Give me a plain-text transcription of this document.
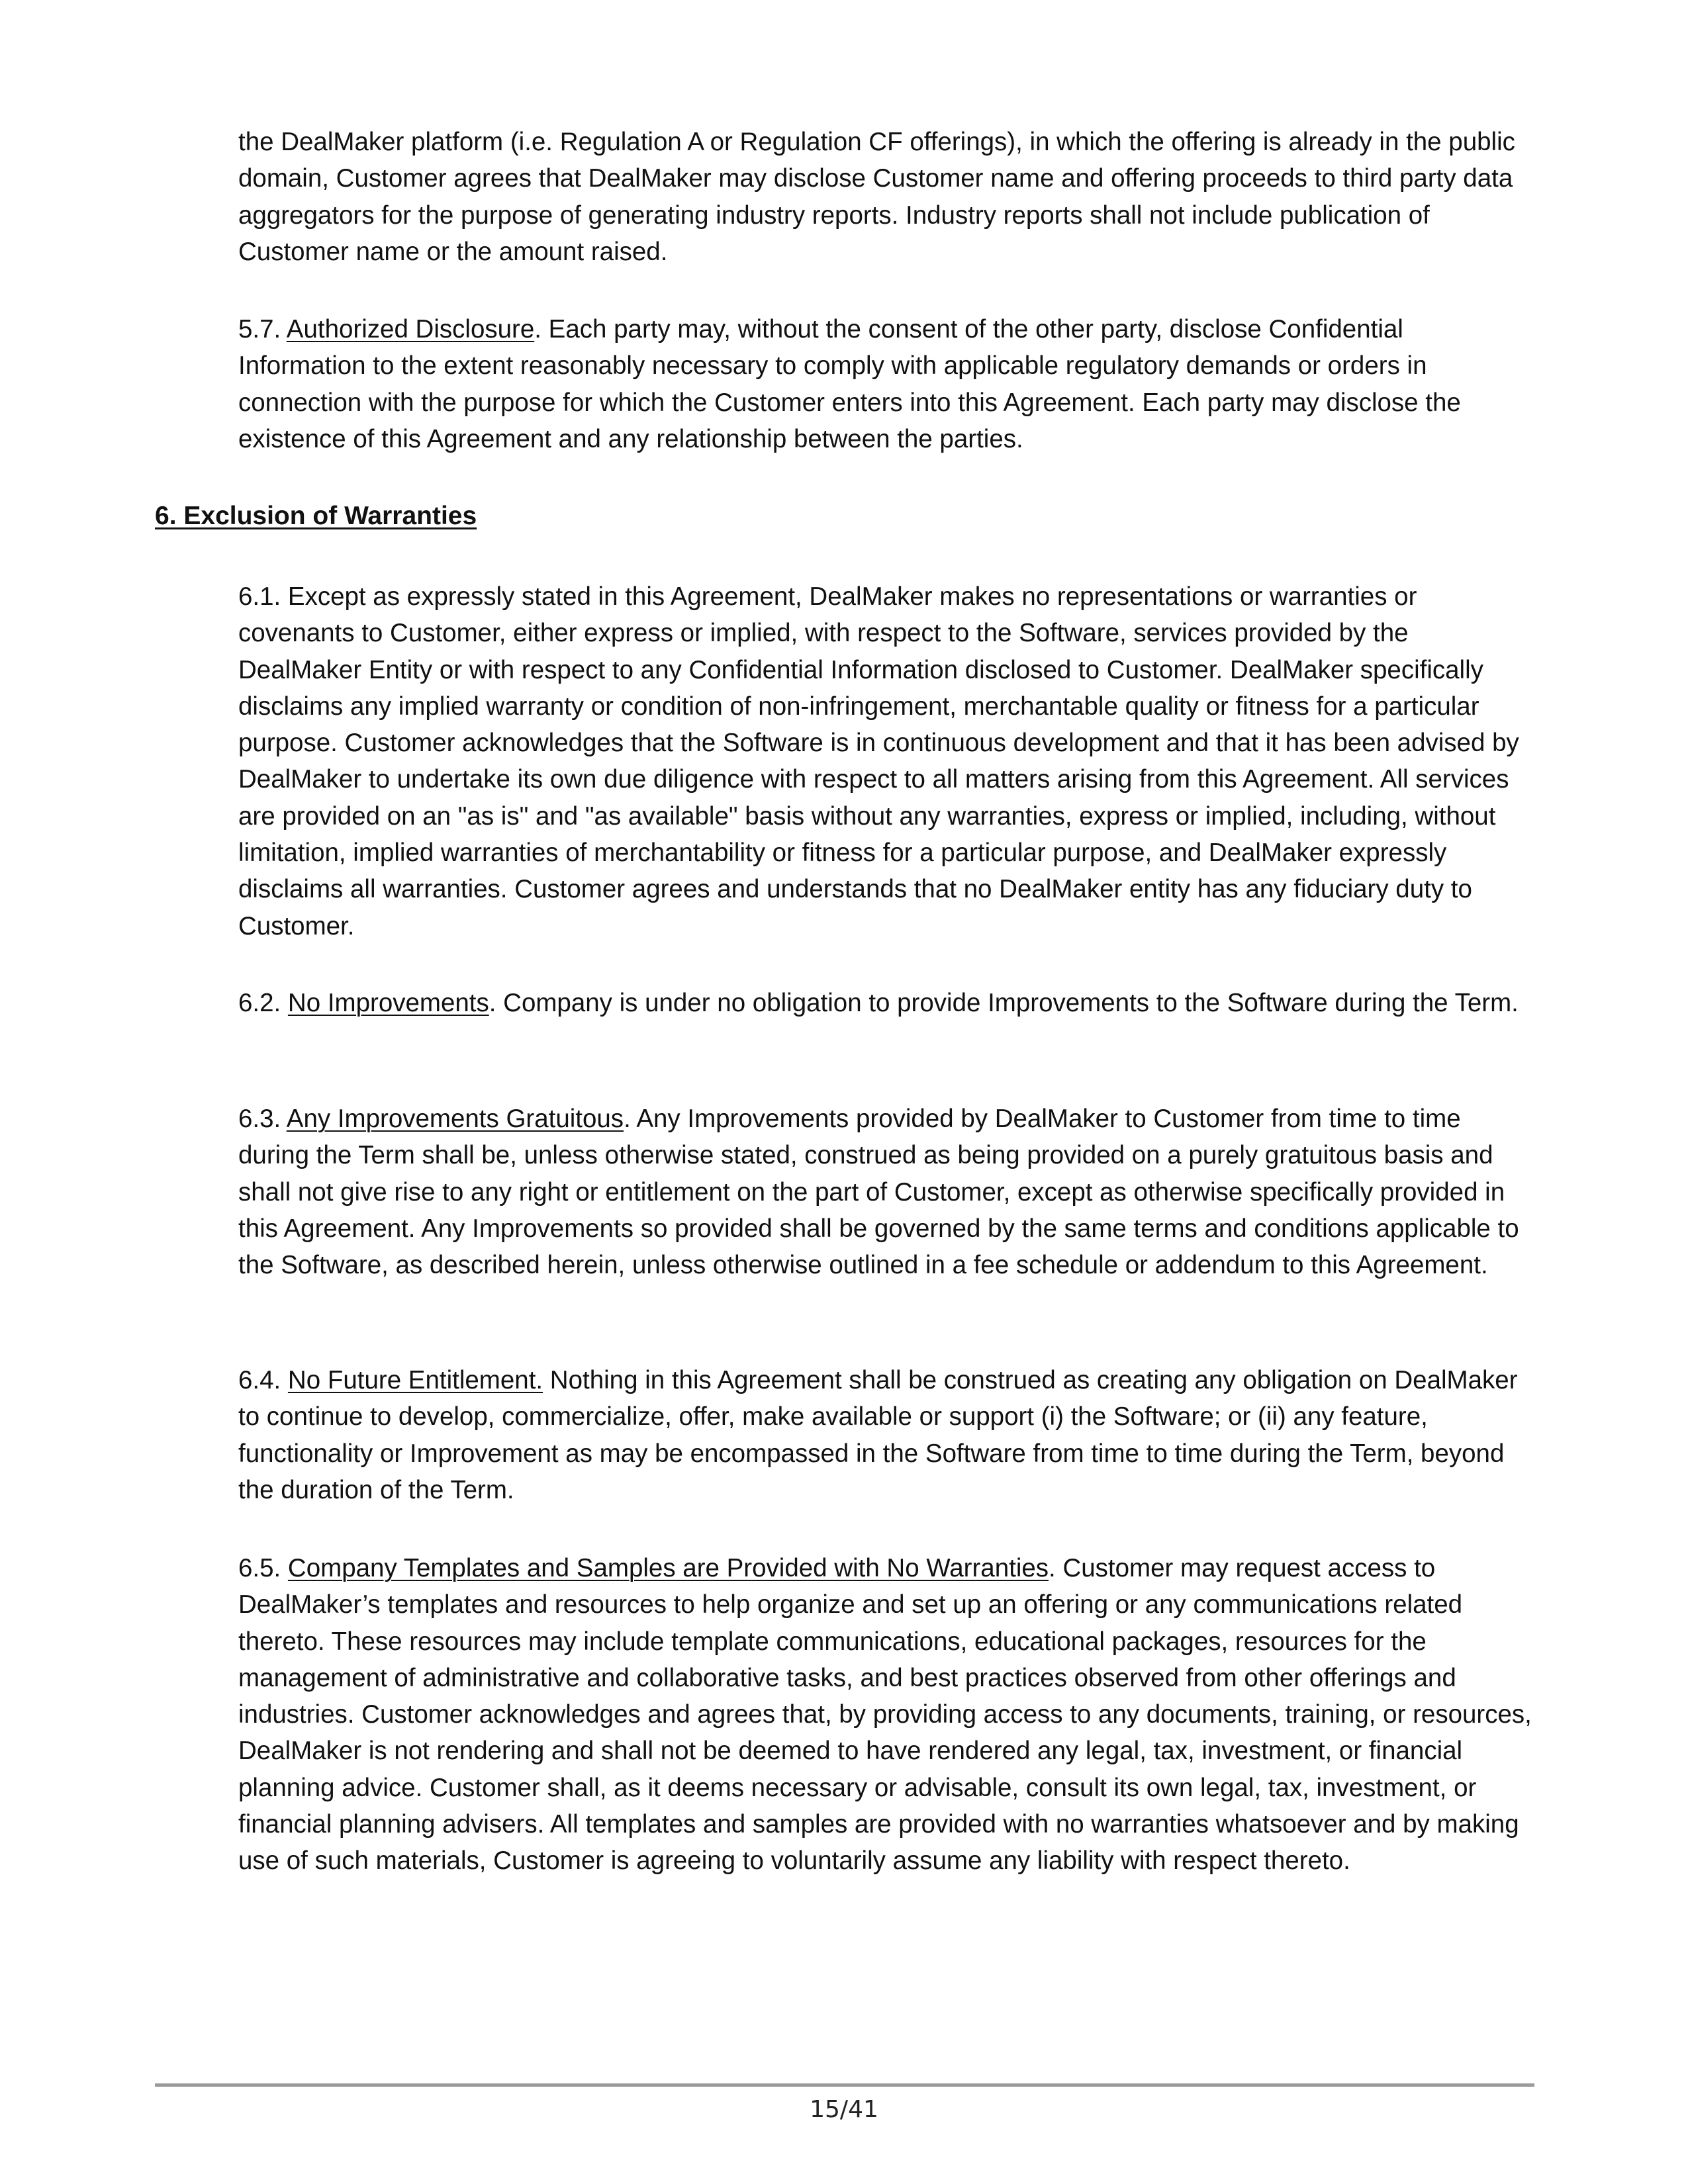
the DealMaker platform (i.e. Regulation A or Regulation CF offerings), in which the offering is already in the public domain, Customer agrees that DealMaker may disclose Customer name and offering proceeds to third party data aggregators for the purpose of generating industry reports. Industry reports shall not include publication of Customer name or the amount raised.

5.7. Authorized Disclosure. Each party may, without the consent of the other party, disclose Confidential Information to the extent reasonably necessary to comply with applicable regulatory demands or orders in connection with the purpose for which the Customer enters into this Agreement. Each party may disclose the existence of this Agreement and any relationship between the parties.

6. Exclusion of Warranties

6.1. Except as expressly stated in this Agreement, DealMaker makes no representations or warranties or covenants to Customer, either express or implied, with respect to the Software, services provided by the DealMaker Entity or with respect to any Confidential Information disclosed to Customer. DealMaker specifically disclaims any implied warranty or condition of non-infringement, merchantable quality or fitness for a particular purpose. Customer acknowledges that the Software is in continuous development and that it has been advised by DealMaker to undertake its own due diligence with respect to all matters arising from this Agreement. All services are provided on an "as is" and "as available" basis without any warranties, express or implied, including, without limitation, implied warranties of merchantability or fitness for a particular purpose, and DealMaker expressly disclaims all warranties. Customer agrees and understands that no DealMaker entity has any fiduciary duty to Customer.

6.2. No Improvements. Company is under no obligation to provide Improvements to the Software during the Term.

6.3. Any Improvements Gratuitous. Any Improvements provided by DealMaker to Customer from time to time during the Term shall be, unless otherwise stated, construed as being provided on a purely gratuitous basis and shall not give rise to any right or entitlement on the part of Customer, except as otherwise specifically provided in this Agreement. Any Improvements so provided shall be governed by the same terms and conditions applicable to the Software, as described herein, unless otherwise outlined in a fee schedule or addendum to this Agreement.

6.4. No Future Entitlement. Nothing in this Agreement shall be construed as creating any obligation on DealMaker to continue to develop, commercialize, offer, make available or support (i) the Software; or (ii) any feature, functionality or Improvement as may be encompassed in the Software from time to time during the Term, beyond the duration of the Term.

6.5. Company Templates and Samples are Provided with No Warranties. Customer may request access to DealMaker’s templates and resources to help organize and set up an offering or any communications related thereto. These resources may include template communications, educational packages, resources for the management of administrative and collaborative tasks, and best practices observed from other offerings and industries. Customer acknowledges and agrees that, by providing access to any documents, training, or resources, DealMaker is not rendering and shall not be deemed to have rendered any legal, tax, investment, or financial planning advice. Customer shall, as it deems necessary or advisable, consult its own legal, tax, investment, or financial planning advisers. All templates and samples are provided with no warranties whatsoever and by making use of such materials, Customer is agreeing to voluntarily assume any liability with respect thereto.

15/41
